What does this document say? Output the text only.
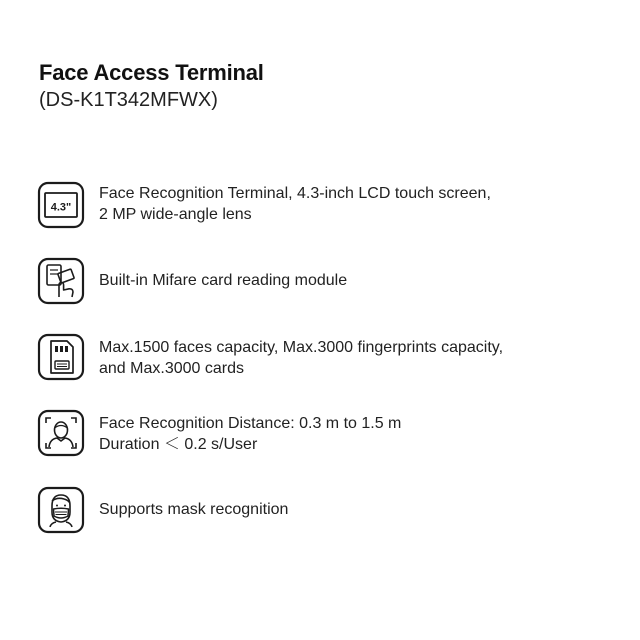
Face Access Terminal
(DS-K1T342MFWX)
4.3"
Face Recognition Terminal, 4.3-inch LCD touch screen,
2 MP wide-angle lens
Built-in Mifare card reading module
Max.1500 faces capacity, Max.3000 fingerprints capacity,
and Max.3000 cards
Face Recognition Distance: 0.3 m to 1.5 m
Duration ＜ 0.2 s/User
Supports mask recognition
